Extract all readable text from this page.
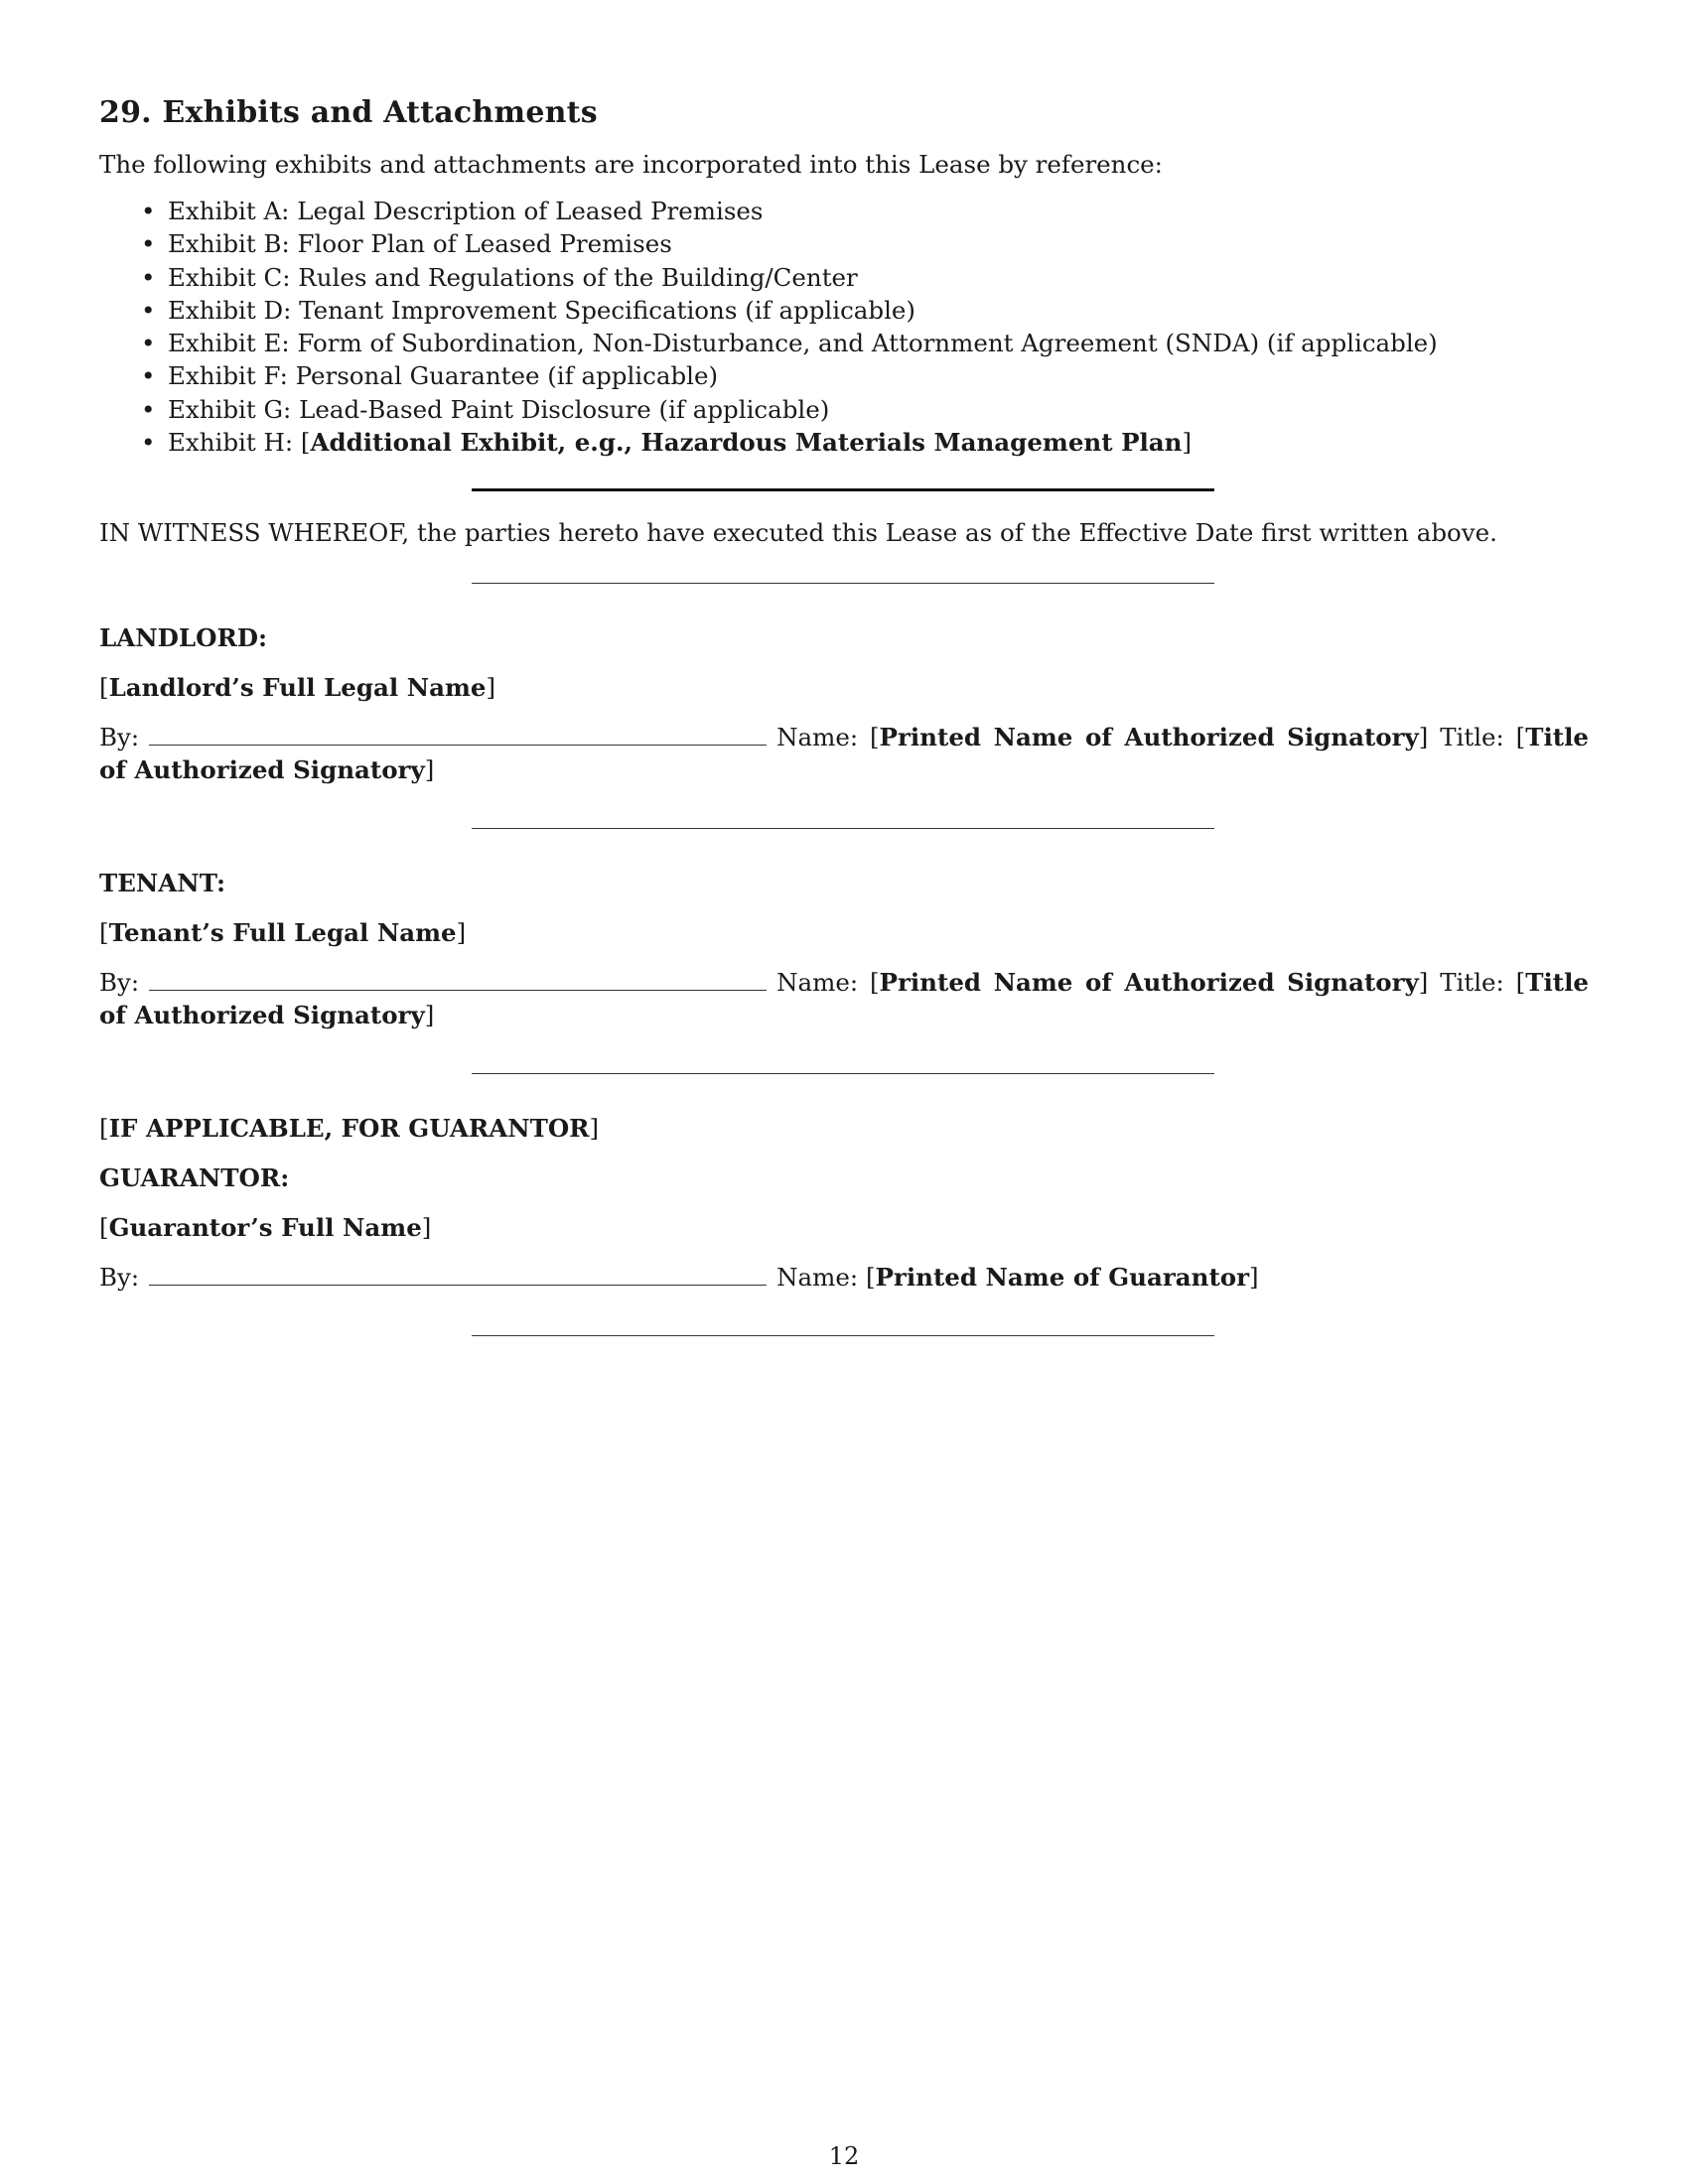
29. Exhibits and Attachments

The following exhibits and attachments are incorporated into this Lease by reference:

• Exhibit A: Legal Description of Leased Premises
• Exhibit B: Floor Plan of Leased Premises
• Exhibit C: Rules and Regulations of the Building/Center
• Exhibit D: Tenant Improvement Specifications (if applicable)
• Exhibit E: Form of Subordination, Non-Disturbance, and Attornment Agreement (SNDA) (if applicable)
• Exhibit F: Personal Guarantee (if applicable)
• Exhibit G: Lead-Based Paint Disclosure (if applicable)
• Exhibit H: [Additional Exhibit, e.g., Hazardous Materials Management Plan]

IN WITNESS WHEREOF, the parties hereto have executed this Lease as of the Effective Date first written above.

LANDLORD:
[Landlord’s Full Legal Name]
By:	Name: [Printed Name of Authorized Signatory] Title: [Title of Authorized Signatory]
TENANT:
[Tenant’s Full Legal Name]
By:	Name: [Printed Name of Authorized Signatory] Title: [Title of Authorized Signatory]
[IF APPLICABLE, FOR GUARANTOR]
GUARANTOR:
[Guarantor’s Full Name]
By:	Name: [Printed Name of Guarantor]
12
